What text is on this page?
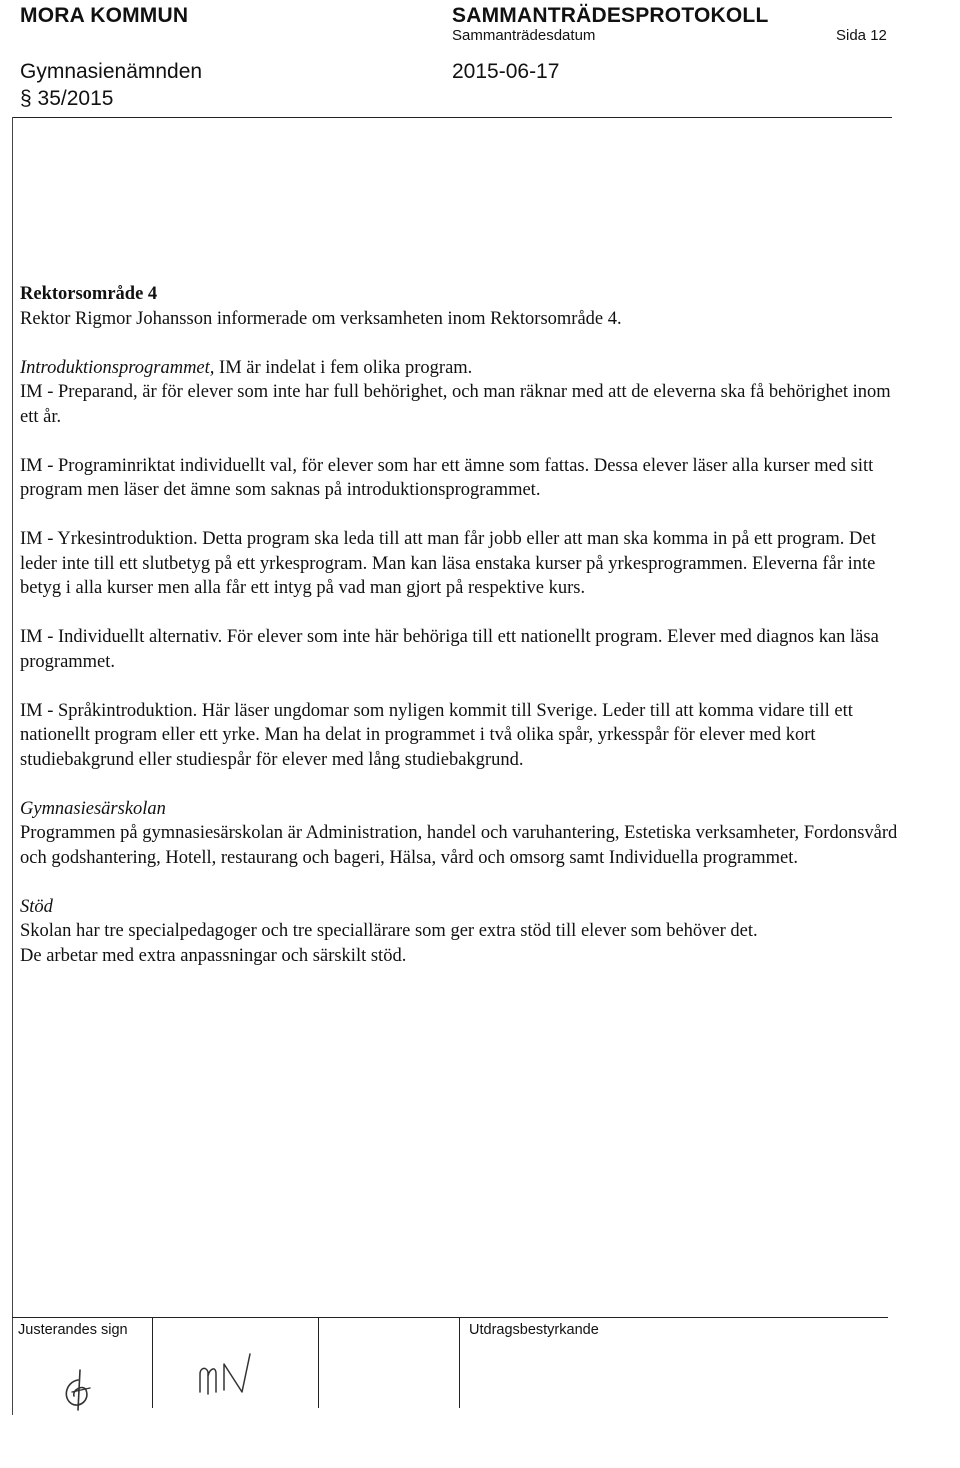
MORA KOMMUN	SAMMANTRÄDESPROTOKOLL
Sammanträdesdatum	Sida 12
Gymnasienämnden	2015-06-17
§ 35/2015

Rektorsområde 4

Rektor Rigmor Johansson informerade om verksamheten inom Rektorsområde 4.

Introduktionsprogrammet, IM är indelat i fem olika program.

IM - Preparand, är för elever som inte har full behörighet, och man räknar med att de eleverna ska få behörighet inom ett år.

IM - Programinriktat individuellt val, för elever som har ett ämne som fattas. Dessa elever läser alla kurser med sitt program men läser det ämne som saknas på introduktionsprogrammet.

IM - Yrkesintroduktion. Detta program ska leda till att man får jobb eller att man ska komma in på ett program. Det leder inte till ett slutbetyg på ett yrkesprogram. Man kan läsa enstaka kurser på yrkesprogrammen. Eleverna får inte betyg i alla kurser men alla får ett intyg på vad man gjort på respektive kurs.

IM - Individuellt alternativ. För elever som inte här behöriga till ett nationellt program. Elever med diagnos kan läsa programmet.

IM - Språkintroduktion. Här läser ungdomar som nyligen kommit till Sverige. Leder till att komma vidare till ett nationellt program eller ett yrke. Man ha delat in programmet i två olika spår, yrkesspår för elever med kort studiebakgrund eller studiespår för elever med lång studiebakgrund.

Gymnasiesärskolan

Programmen på gymnasiesärskolan är Administration, handel och varuhantering, Estetiska verksamheter, Fordonsvård och godshantering, Hotell, restaurang och bageri, Hälsa, vård och omsorg samt Individuella programmet.

Stöd

Skolan har tre specialpedagoger och tre speciallärare som ger extra stöd till elever som behöver det.

De arbetar med extra anpassningar och särskilt stöd.

Justerandes sign	Utdragsbestyrkande
